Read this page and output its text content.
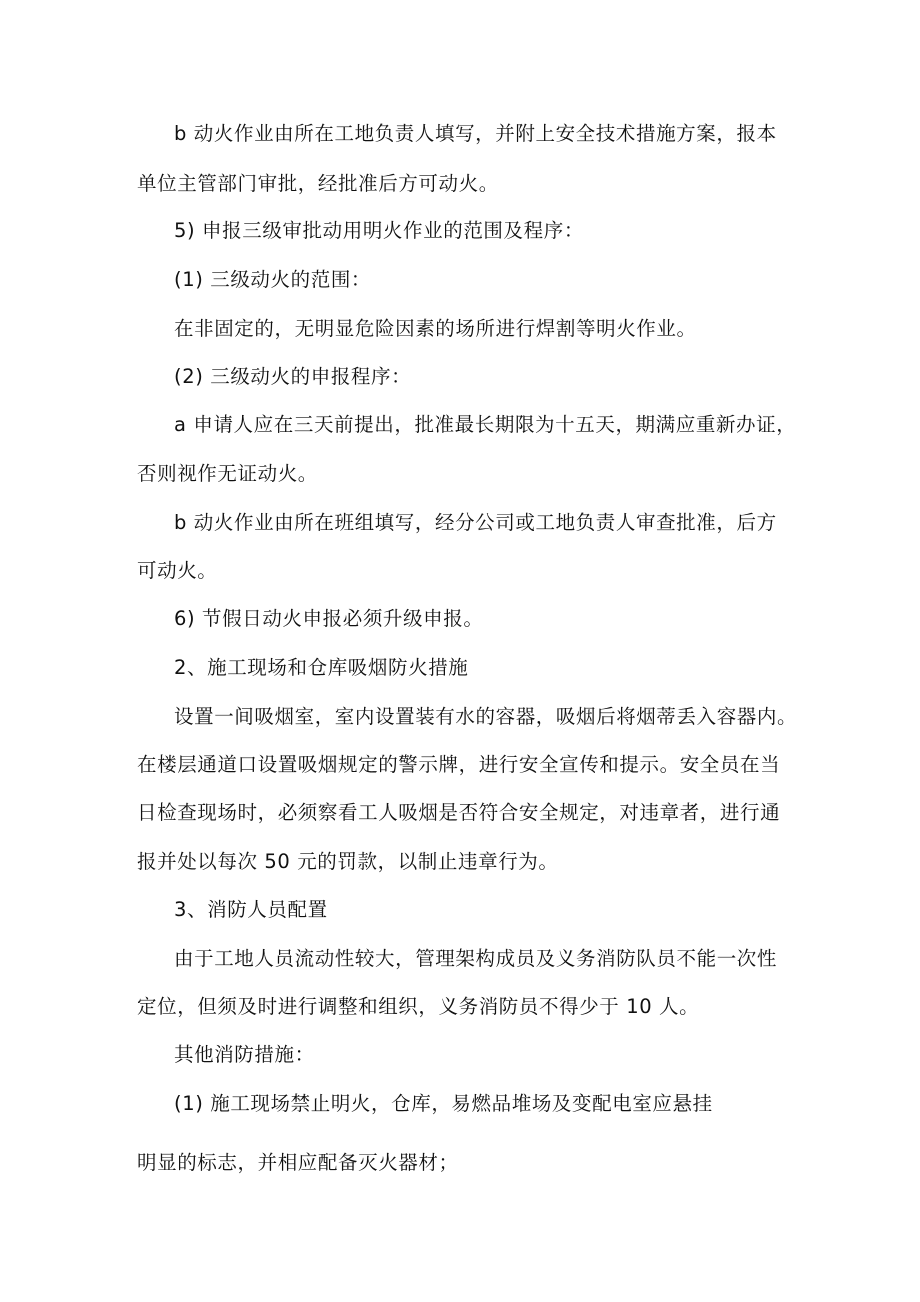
b 动火作业由所在工地负责人填写，并附上安全技术措施方案，报本
单位主管部门审批，经批准后方可动火。
5) 申报三级审批动用明火作业的范围及程序：
(1) 三级动火的范围：
在非固定的，无明显危险因素的场所进行焊割等明火作业。
(2) 三级动火的申报程序：
a 申请人应在三天前提出，批准最长期限为十五天，期满应重新办证，
否则视作无证动火。
b 动火作业由所在班组填写，经分公司或工地负责人审查批准，后方
可动火。
6) 节假日动火申报必须升级申报。
2、施工现场和仓库吸烟防火措施
设置一间吸烟室，室内设置装有水的容器，吸烟后将烟蒂丢入容器内。
在楼层通道口设置吸烟规定的警示牌，进行安全宣传和提示。安全员在当
日检查现场时，必须察看工人吸烟是否符合安全规定，对违章者，进行通
报并处以每次 50 元的罚款，以制止违章行为。
3、消防人员配置
由于工地人员流动性较大，管理架构成员及义务消防队员不能一次性
定位，但须及时进行调整和组织，义务消防员不得少于 10 人。
其他消防措施：
(1) 施工现场禁止明火，仓库，易燃品堆场及变配电室应悬挂
明显的标志，并相应配备灭火器材；
